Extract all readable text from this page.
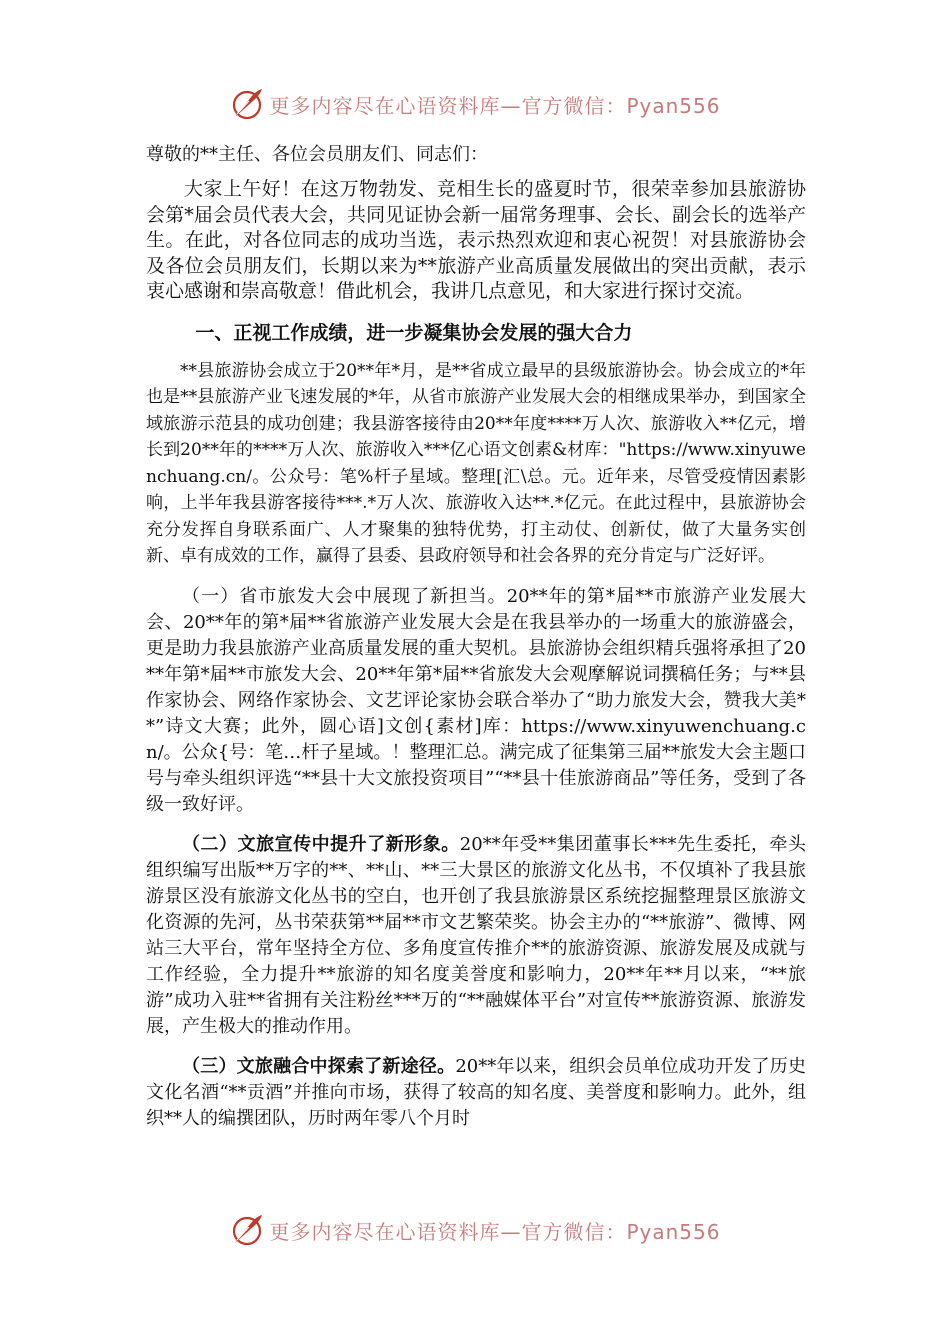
更多内容尽在心语资料库—官方微信：Pyan556

尊敬的**主任、各位会员朋友们、同志们：

大家上午好！在这万物勃发、竞相生长的盛夏时节，很荣幸参加县旅游协会第*届会员代表大会，共同见证协会新一届常务理事、会长、副会长的选举产生。在此，对各位同志的成功当选，表示热烈欢迎和衷心祝贺！对县旅游协会及各位会员朋友们，长期以来为**旅游产业高质量发展做出的突出贡献，表示衷心感谢和崇高敬意！借此机会，我讲几点意见，和大家进行探讨交流。

一、正视工作成绩，进一步凝集协会发展的强大合力

**县旅游协会成立于20**年*月，是**省成立最早的县级旅游协会。协会成立的*年也是**县旅游产业飞速发展的*年，从省市旅游产业发展大会的相继成果举办，到国家全域旅游示范县的成功创建；我县游客接待由20**年度****万人次、旅游收入**亿元，增长到20**年的****万人次、旅游收入***亿心语文创素&材库："https://www.xinyuwenchuang.cn/。公众号：笔%杆子星域。整理[汇\总。元。近年来，尽管受疫情因素影响，上半年我县游客接待***.*万人次、旅游收入达**.*亿元。在此过程中，县旅游协会充分发挥自身联系面广、人才聚集的独特优势，打主动仗、创新仗，做了大量务实创新、卓有成效的工作，赢得了县委、县政府领导和社会各界的充分肯定与广泛好评。

（一）省市旅发大会中展现了新担当。20**年的第*届**市旅游产业发展大会、20**年的第*届**省旅游产业发展大会是在我县举办的一场重大的旅游盛会，更是助力我县旅游产业高质量发展的重大契机。县旅游协会组织精兵强将承担了20**年第*届**市旅发大会、20**年第*届**省旅发大会观摩解说词撰稿任务；与**县作家协会、网络作家协会、文艺评论家协会联合举办了“助力旅发大会，赞我大美**”诗文大赛；此外，圆心语]文创{素材]库：https://www.xinyuwenchuang.cn/。公众{号：笔…杆子星域。！整理汇总。满完成了征集第三届**旅发大会主题口号与牵头组织评选“**县十大文旅投资项目”“**县十佳旅游商品”等任务，受到了各级一致好评。

（二）文旅宣传中提升了新形象。20**年受**集团董事长***先生委托，牵头组织编写出版**万字的**、**山、**三大景区的旅游文化丛书，不仅填补了我县旅游景区没有旅游文化丛书的空白，也开创了我县旅游景区系统挖掘整理景区旅游文化资源的先河，丛书荣获第**届**市文艺繁荣奖。协会主办的“**旅游”、微博、网站三大平台，常年坚持全方位、多角度宣传推介**的旅游资源、旅游发展及成就与工作经验，全力提升**旅游的知名度美誉度和影响力，20**年**月以来，“**旅游”成功入驻**省拥有关注粉丝***万的“**融媒体平台”对宣传**旅游资源、旅游发展，产生极大的推动作用。

（三）文旅融合中探索了新途径。20**年以来，组织会员单位成功开发了历史文化名酒“**贡酒”并推向市场，获得了较高的知名度、美誉度和影响力。此外，组织**人的编撰团队，历时两年零八个月时

更多内容尽在心语资料库—官方微信：Pyan556
